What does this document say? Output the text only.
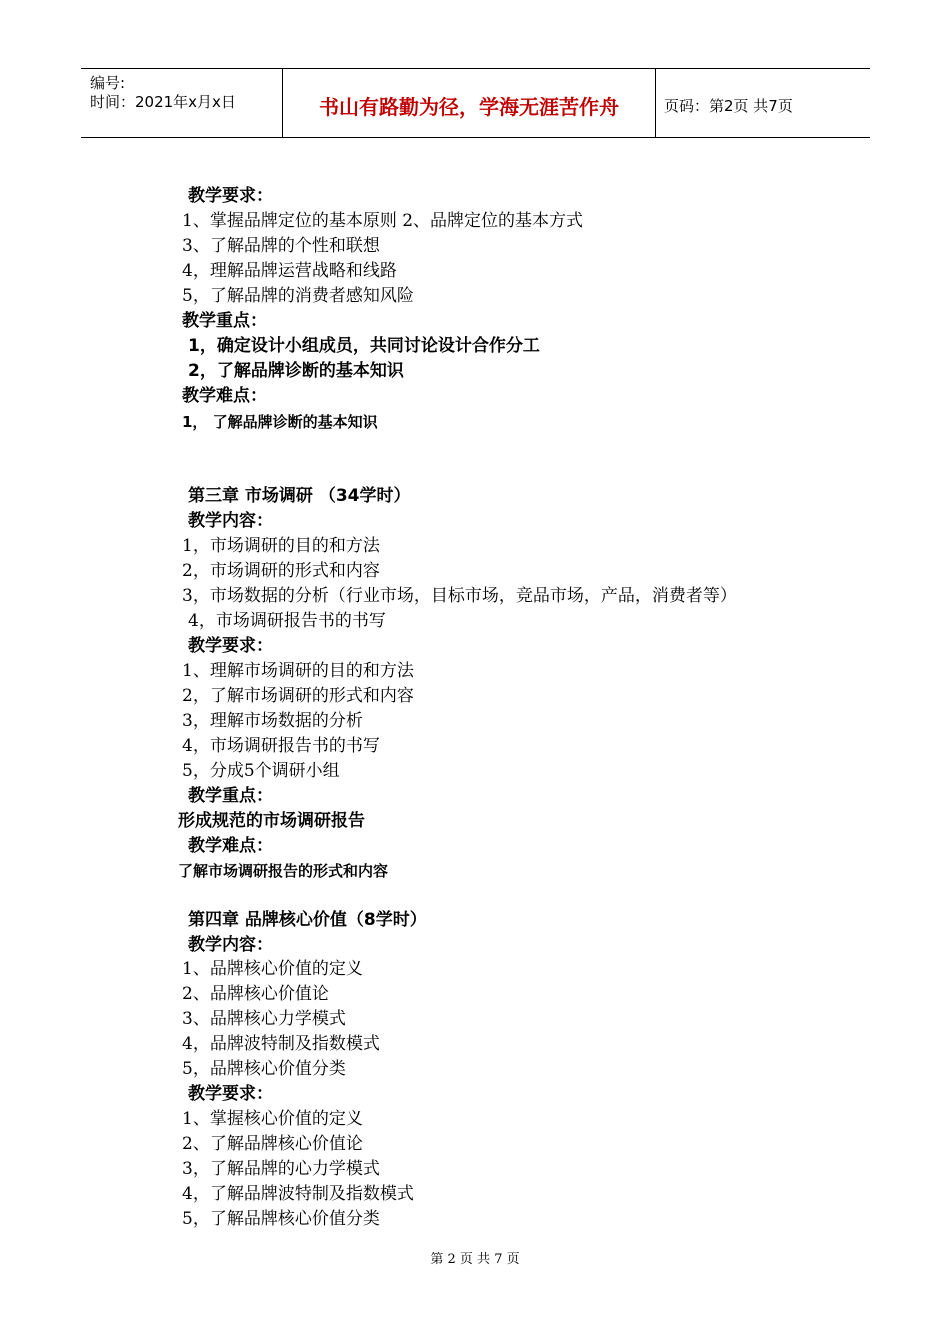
编号:
时间：2021年x月x日	书山有路勤为径，学海无涯苦作舟	页码：第2页 共7页
教学要求：
1、掌握品牌定位的基本原则 2、品牌定位的基本方式
3、了解品牌的个性和联想
4，理解品牌运营战略和线路
5，了解品牌的消费者感知风险
教学重点：
1，确定设计小组成员，共同讨论设计合作分工
2，了解品牌诊断的基本知识
教学难点：
1， 了解品牌诊断的基本知识
第三章 市场调研 （34学时）
教学内容：
1，市场调研的目的和方法
2，市场调研的形式和内容
3，市场数据的分析（行业市场，目标市场，竞品市场，产品，消费者等）
4，市场调研报告书的书写
教学要求：
1、理解市场调研的目的和方法
2，了解市场调研的形式和内容
3，理解市场数据的分析
4，市场调研报告书的书写
5，分成5个调研小组
教学重点：
形成规范的市场调研报告
教学难点：
了解市场调研报告的形式和内容
第四章 品牌核心价值（8学时）
教学内容：
1、品牌核心价值的定义
2、品牌核心价值论
3、品牌核心力学模式
4，品牌波特制及指数模式
5，品牌核心价值分类
教学要求：
1、掌握核心价值的定义
2、了解品牌核心价值论
3，了解品牌的心力学模式
4，了解品牌波特制及指数模式
5，了解品牌核心价值分类
第 2 页 共 7 页
